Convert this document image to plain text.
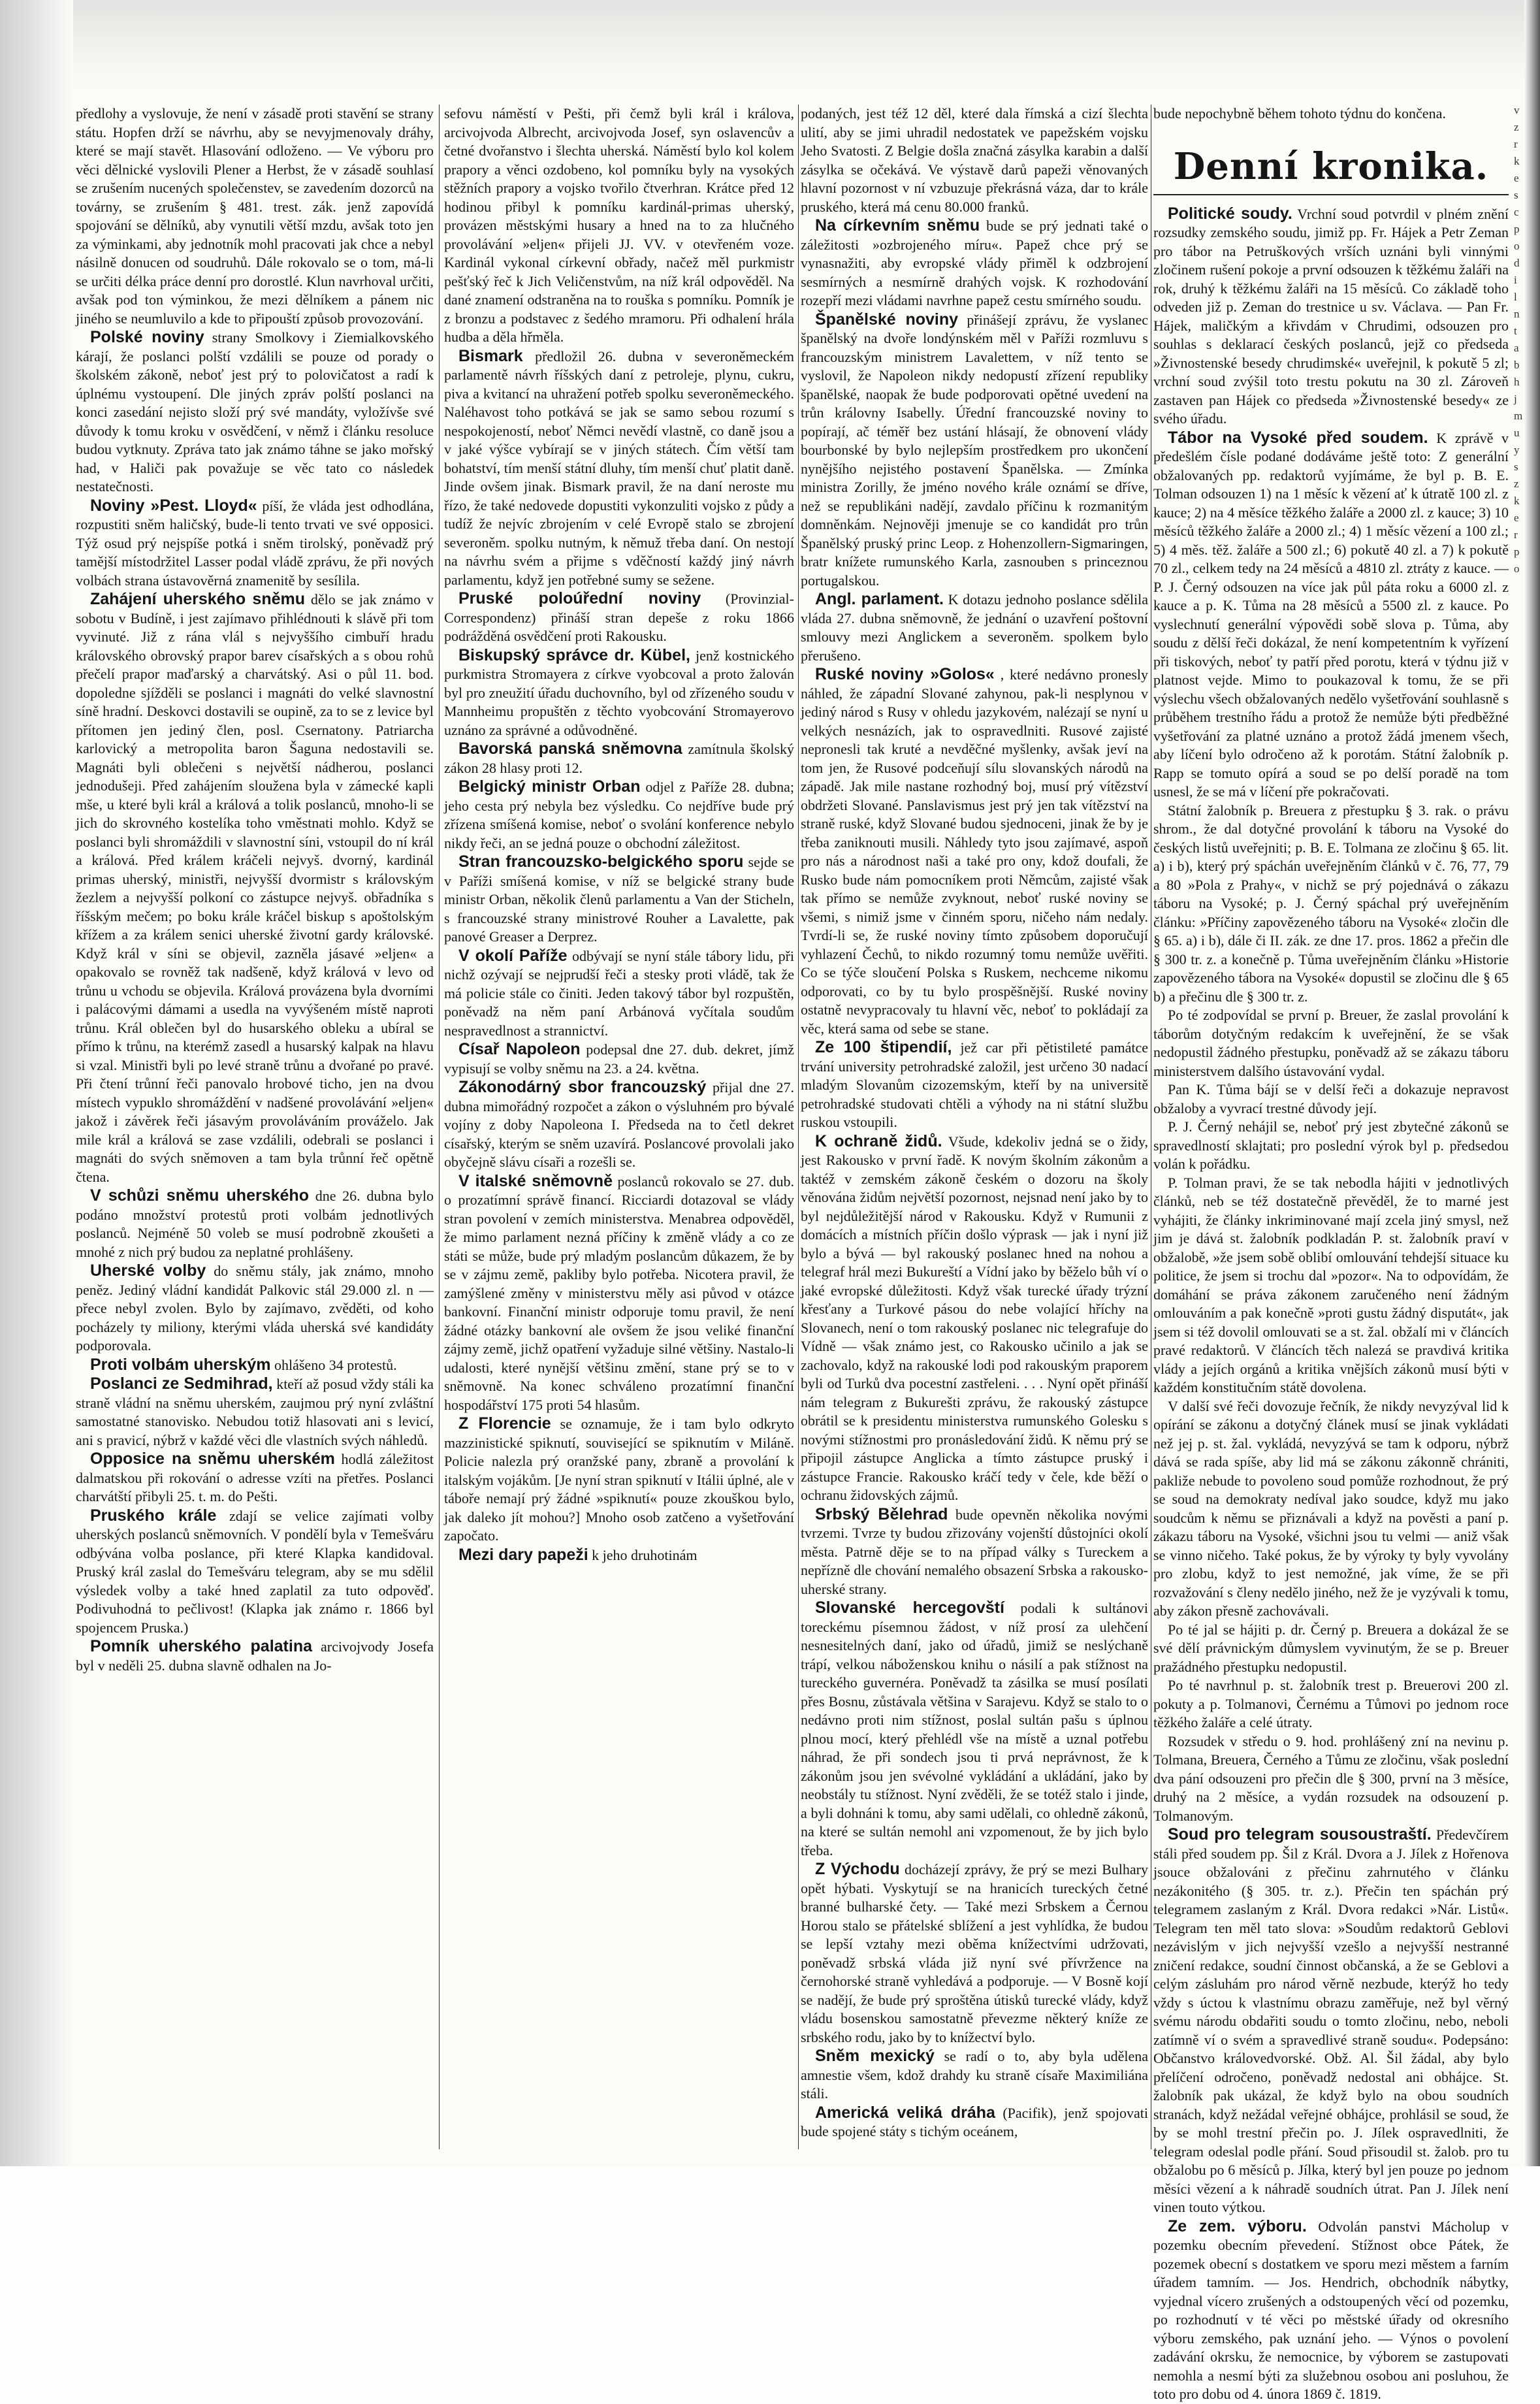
v
z
r
k
e
s
c
p
o
d
i
l
n
t
a
b
h
j
m
u
y
s
z
k
e
r
p
o

předlohy a vyslovuje, že není v zásadě proti stavění se strany státu. Hopfen drží se návrhu, aby se nevyjmenovaly dráhy, které se mají stavět. Hlasování odloženo. — Ve výboru pro věci dělnické vyslovili Plener a Herbst, že v zásadě souhlasí se zrušením nucených společenstev, se zavedením dozorců na továrny, se zrušením § 481. trest. zák. jenž zapovídá spojování se dělníků, aby vynutili větší mzdu, avšak toto jen za výminkami, aby jednotník mohl pracovati jak chce a nebyl násilně donucen od soudruhů. Dále rokovalo se o tom, má-li se určiti délka práce denní pro dorostlé. Klun navrhoval určiti, avšak pod ton výminkou, že mezi dělníkem a pánem nic jiného se neumluvilo a kde to připouští způsob provozování.

Polské noviny strany Smolkovy i Ziemialkovského kárají, že poslanci polští vzdálili se pouze od porady o školském zákoně, neboť jest prý to polovičatost a radí k úplnému vystoupení. Dle jiných zpráv polští poslanci na konci zasedání nejisto složí prý své mandáty, vyložívše své důvody k tomu kroku v osvědčení, v němž i článku resoluce budou vytknuty. Zpráva tato jak známo táhne se jako mořský had, v Haliči pak považuje se věc tato co následek nestatečnosti.

Noviny »Pest. Lloyd« píší, že vláda jest odhodlána, rozpustiti sněm haličský, bude-li tento trvati ve své opposici. Týž osud prý nejspíše potká i sněm tirolský, poněvadž prý tamější místodržitel Lasser podal vládě zprávu, že při nových volbách strana ústavověrná znamenitě by sesílila.

Zahájení uherského sněmu dělo se jak známo v sobotu v Budíně, i jest zajímavo přihlédnouti k slávě při tom vyvinuté. Již z rána vlál s nejvyššího cimbuří hradu královského obrovský prapor barev císařských a s obou rohů přečelí prapor maďarský a charvátský. Asi o půl 11. bod. dopoledne sjížděli se poslanci i magnáti do velké slavnostní síně hradní. Deskovci dostavili se oupině, za to se z levice byl přítomen jen jediný člen, posl. Csernatony. Patriarcha karlovický a metropolita baron Šaguna nedostavili se. Magnáti byli oblečeni s největší nádherou, poslanci jednodušeji. Před zahájením sloužena byla v zámecké kapli mše, u které byli král a králová a tolik poslanců, mnoho-li se jich do skrovného kostelíka toho vměstnati mohlo. Když se poslanci byli shromáždili v slavnostní síni, vstoupil do ní král a králová. Před králem kráčeli nejvyš. dvorný, kardinál primas uherský, ministři, nejvyšší dvormistr s královským žezlem a nejvyšší polkoní co zástupce nejvyš. obřadníka s říšským mečem; po boku krále kráčel biskup s apoštolským křížem a za králem senici uherské životní gardy královské. Když král v síni se objevil, zazněla jásavé »eljen« a opakovalo se rovněž tak nadšeně, když králová v levo od trůnu u vchodu se objevila. Králová provázena byla dvorními i palácovými dámami a usedla na vyvýšeném místě naproti trůnu. Král oblečen byl do husarského obleku a ubíral se přímo k trůnu, na kterémž zasedl a husarský kalpak na hlavu si vzal. Ministři byli po levé straně trůnu a dvořané po pravé. Při čtení trůnní řeči panovalo hrobové ticho, jen na dvou místech vypuklo shromáždění v nadšené provolávání »eljen« jakož i závěrek řeči jásavým provoláváním prováželo. Jak mile král a králová se zase vzdálili, odebrali se poslanci i magnáti do svých sněmoven a tam byla trůnní řeč opětně čtena.

V schůzi sněmu uherského dne 26. dubna bylo podáno množství protestů proti volbám jednotlivých poslanců. Nejméně 50 voleb se musí podrobně zkoušeti a mnohé z nich prý budou za neplatné prohlášeny.

Uherské volby do sněmu stály, jak známo, mnoho peněz. Jediný vládní kandidát Palkovic stál 29.000 zl. n — přece nebyl zvolen. Bylo by zajímavo, zvěděti, od koho pocházely ty miliony, kterými vláda uherská své kandidáty podporovala.

Proti volbám uherským ohlášeno 34 protestů.

Poslanci ze Sedmihrad, kteří až posud vždy stáli ka straně vládní na sněmu uherském, zaujmou prý nyní zvláštní samostatné stanovisko. Nebudou totiž hlasovati ani s levicí, ani s pravicí, nýbrž v každé věci dle vlastních svých náhledů.

Opposice na sněmu uherském hodlá záležitost dalmatskou při rokování o adresse vzíti na přetřes. Poslanci charvátští přibyli 25. t. m. do Pešti.

Pruského krále zdají se velice zajímati volby uherských poslanců sněmovních. V pondělí byla v Temešváru odbývána volba poslance, při které Klapka kandidoval. Pruský král zaslal do Temešváru telegram, aby se mu sdělil výsledek volby a také hned zaplatil za tuto odpověď. Podivuhodná to pečlivost! (Klapka jak známo r. 1866 byl spojencem Pruska.)

Pomník uherského palatina arcivojvody Josefa byl v neděli 25. dubna slavně odhalen na Jo-

sefovu náměstí v Pešti, při čemž byli král i králova, arcivojvoda Albrecht, arcivojvoda Josef, syn oslavencův a četné dvořanstvo i šlechta uherská. Náměstí bylo kol kolem prapory a věnci ozdobeno, kol pomníku byly na vysokých stěžních prapory a vojsko tvořilo čtverhran. Krátce před 12 hodinou přibyl k pomníku kardinál-primas uherský, provázen městskými husary a hned na to za hlučného provolávání »eljen« přijeli JJ. VV. v otevřeném voze. Kardinál vykonal církevní obřady, načež měl purkmistr pešťský řeč k Jich Veličenstvům, na níž král odpověděl. Na dané znamení odstraněna na to rouška s pomníku. Pomník je z bronzu a podstavec z šedého mramoru. Při odhalení hrála hudba a děla hřměla.

Bismark předložil 26. dubna v severoněmeckém parlamentě návrh říšských daní z petroleje, plynu, cukru, piva a kvitancí na uhražení potřeb spolku severoněmeckého. Naléhavost toho potkává se jak se samo sebou rozumí s nespokojeností, neboť Němci nevědí vlastně, co daně jsou a v jaké výšce vybírají se v jiných státech. Čím větší tam bohatství, tím menší státní dluhy, tím menší chuť platit daně. Jinde ovšem jinak. Bismark pravil, že na daní neroste mu řízo, že také nedovede dopustiti vykonzuliti vojsko z půdy a tudíž že nejvíc zbrojením v celé Evropě stalo se zbrojení severoněm. spolku nutným, k němuž třeba daní. On nestojí na návrhu svém a přijme s vděčností každý jiný návrh parlamentu, když jen potřebné sumy se sežene.

Pruské poloúřední noviny (Provinzial-Correspondenz) přináší stran depeše z roku 1866 podrážděná osvědčení proti Rakousku.

Biskupský správce dr. Kübel, jenž kostnického purkmistra Stromayera z církve vyobcoval a proto žalován byl pro zneužití úřadu duchovního, byl od zřízeného soudu v Mannheimu propuštěn z těchto vyobcování Stromayerovo uznáno za správné a odůvodněné.

Bavorská panská sněmovna zamítnula školský zákon 28 hlasy proti 12.

Belgický ministr Orban odjel z Paříže 28. dubna; jeho cesta prý nebyla bez výsledku. Co nejdříve bude prý zřízena smíšená komise, neboť o svolání konference nebylo nikdy řeči, an se jedná pouze o obchodní záležitost.

Stran francouzsko-belgického sporu sejde se v Paříži smíšená komise, v níž se belgické strany bude ministr Orban, několik členů parlamentu a Van der Sticheln, s francouzské strany ministrové Rouher a Lavalette, pak panové Greaser a Derprez.

V okolí Paříže odbývají se nyní stále tábory lidu, při nichž ozývají se nejprudší řeči a stesky proti vládě, tak že má policie stále co činiti. Jeden takový tábor byl rozpuštěn, poněvadž na něm paní Arbánová vyčítala soudům nespravedlnost a strannictví.

Císař Napoleon podepsal dne 27. dub. dekret, jímž vypisují se volby sněmu na 23. a 24. května.

Zákonodárný sbor francouzský přijal dne 27. dubna mimořádný rozpočet a zákon o výsluhném pro bývalé vojíny z doby Napoleona I. Předseda na to četl dekret císařský, kterým se sněm uzavírá. Poslancové provolali jako obyčejně slávu císaři a rozešli se.

V italské sněmovně poslanců rokovalo se 27. dub. o prozatímní správě financí. Ricciardi dotazoval se vlády stran povolení v zemích ministerstva. Menabrea odpověděl, že mimo parlament nezná příčiny k změně vlády a co ze státi se může, bude prý mladým poslancům důkazem, že by se v zájmu země, pakliby bylo potřeba. Nicotera pravil, že zamýšlené změny v ministerstvu měly asi původ v otázce bankovní. Finanční ministr odporuje tomu pravil, že není žádné otázky bankovní ale ovšem že jsou veliké finanční zájmy země, jichž opatření vyžaduje silné většiny. Nastalo-li udalosti, které nynější většinu změní, stane prý se to v sněmovně. Na konec schváleno prozatímní finanční hospodářství 175 proti 54 hlasům.

Z Florencie se oznamuje, že i tam bylo odkryto mazzinistické spiknutí, související se spiknutím v Miláně. Policie nalezla prý oranžské pany, zbraně a provolání k italským vojákům. [Je nyní stran spiknutí v Itálii úplné, ale v táboře nemají prý žádné »spiknutí« pouze zkouškou bylo, jak daleko jít mohou?] Mnoho osob zatčeno a vyšetřování započato.

Mezi dary papeži k jeho druhotinám

podaných, jest též 12 děl, které dala římská a cizí šlechta ulití, aby se jimi uhradil nedostatek ve papežském vojsku Jeho Svatosti. Z Belgie došla značná zásylka karabin a další zásylka se očekává. Ve výstavě darů papeži věnovaných hlavní pozornost v ní vzbuzuje překrásná váza, dar to krále pruského, která má cenu 80.000 franků.

Na církevním sněmu bude se prý jednati také o záležitosti »ozbrojeného míru«. Papež chce prý se vynasnažiti, aby evropské vlády přiměl k odzbrojení sesmírných a nesmírně drahých vojsk. K rozhodování rozepří mezi vládami navrhne papež cestu smírného soudu.

Španělské noviny přinášejí zprávu, že vyslanec španělský na dvoře londýnském měl v Paříži rozmluvu s francouzským ministrem Lavalettem, v níž tento se vyslovil, že Napoleon nikdy nedopustí zřízení republiky španělské, naopak že bude podporovati opětné uvedení na trůn královny Isabelly. Úřední francouzské noviny to popírají, ač téměř bez ustání hlásají, že obnovení vlády bourbonské by bylo nejlepším prostředkem pro ukončení nynějšího nejistého postavení Španělska. — Zmínka ministra Zorilly, že jméno nového krále oznámí se dříve, než se republikáni nadějí, zavdalo příčinu k rozmanitým domněnkám. Nejnověji jmenuje se co kandidát pro trůn Španělský pruský princ Leop. z Hohenzollern-Sigmaringen, bratr knížete rumunského Karla, zasnouben s princeznou portugalskou.

Angl. parlament. K dotazu jednoho poslance sdělila vláda 27. dubna sněmovně, že jednání o uzavření poštovní smlouvy mezi Anglickem a severoněm. spolkem bylo přerušeno.

Ruské noviny »Golos« , které nedávno pronesly náhled, že západní Slované zahynou, pak-li nesplynou v jediný národ s Rusy v ohledu jazykovém, nalézají se nyní u velkých nesnázích, jak to ospravedlniti. Rusové zajisté nepronesli tak kruté a nevděčné myšlenky, avšak jeví na tom jen, že Rusové podceňují sílu slovanských národů na západě. Jak mile nastane rozhodný boj, musí prý vítězství obdržeti Slované. Panslavismus jest prý jen tak vítězství na straně ruské, když Slované budou sjednoceni, jinak že by je třeba zaniknouti musili. Náhledy tyto jsou zajímavé, aspoň pro nás a národnost naši a také pro ony, kdož doufali, že Rusko bude nám pomocníkem proti Němcům, zajisté však tak přímo se nemůže zvyknout, neboť ruské noviny se všemi, s nimiž jsme v činném sporu, ničeho nám nedaly. Tvrdí-li se, že ruské noviny tímto způsobem doporučují vyhlazení Čechů, to nikdo rozumný tomu nemůže uvěřiti. Co se týče sloučení Polska s Ruskem, nechceme nikomu odporovati, co by tu bylo prospěšnější. Ruské noviny ostatně nevypracovaly tu hlavní věc, neboť to pokládají za věc, která sama od sebe se stane.

Ze 100 štipendií, jež car při pětistileté památce trvání university petrohradské založil, jest určeno 30 nadací mladým Slovanům cizozemským, kteří by na universitě petrohradské studovati chtěli a výhody na ni státní službu ruskou vstoupili.

K ochraně židů. Všude, kdekoliv jedná se o židy, jest Rakousko v první řadě. K novým školním zákonům a taktéž v zemském zákoně českém o dozoru na školy věnována židům největší pozornost, nejsnad není jako by to byl nejdůležitější národ v Rakousku. Když v Rumunii z domácích a místních příčin došlo výprask — jak i nyní již bylo a bývá — byl rakouský poslanec hned na nohou a telegraf hrál mezi Bukureští a Vídní jako by běželo bůh ví o jaké evropské důležitosti. Když však turecké úřady trýzní křesťany a Turkové pásou do nebe volající hříchy na Slovanech, není o tom rakouský poslanec nic telegrafuje do Vídně — však známo jest, co Rakousko učinilo a jak se zachovalo, když na rakouské lodi pod rakouským praporem byli od Turků dva pocestní zastřeleni. . . . Nyní opět přináší nám telegram z Bukurešti zprávu, že rakouský zástupce obrátil se k presidentu ministerstva rumunského Golesku s novými stížnostmi pro pronásledování židů. K němu prý se připojil zástupce Anglicka a tímto zástupce pruský i zástupce Francie. Rakousko kráčí tedy v čele, kde běží o ochranu židovských zájmů.

Srbský Bělehrad bude opevněn několika novými tvrzemi. Tvrze ty budou zřizovány vojenští důstojníci okolí města. Patrně děje se to na případ války s Tureckem a nepřízně dle chování nemalého obsazení Srbska a rakousko-uherské strany.

Slovanské hercegovští podali k sultánovi toreckému písemnou žádost, v níž prosí za ulehčení nesnesitelných daní, jako od úřadů, jimiž se neslýchaně trápí, velkou náboženskou knihu o násilí a pak stížnost na tureckého guvernéra. Poněvadž ta zásilka se musí posílati přes Bosnu, zůstávala většina v Sarajevu. Když se stalo to o nedávno proti nim stížnost, poslal sultán pašu s úplnou plnou mocí, který přehlédl vše na místě a uznal potřebu náhrad, že při sondech jsou ti prvá neprávnost, že k zákonům jsou jen svévolné vykládání a ukládání, jako by neobstály tu stížnost. Nyní zvěděli, že se totéž stalo i jinde, a byli dohnáni k tomu, aby sami udělali, co ohledně zákonů, na které se sultán nemohl ani vzpomenout, že by jich bylo třeba.

Z Východu docházejí zprávy, že prý se mezi Bulhary opět hýbati. Vyskytují se na hranicích tureckých četné branné bulharské čety. — Také mezi Srbskem a Černou Horou stalo se přátelské sblížení a jest vyhlídka, že budou se lepší vztahy mezi oběma knížectvími udržovati, poněvadž srbská vláda již nyní své přívržence na černohorské straně vyhledává a podporuje. — V Bosně kojí se nadějí, že bude prý sproštěna útisků turecké vlády, když vládu bosenskou samostatně převezme některý kníže ze srbského rodu, jako by to knížectví bylo.

Sněm mexický se radí o to, aby byla udělena amnestie všem, kdož drahdy ku straně císaře Maximiliána stáli.

Americká veliká dráha (Pacifik), jenž spojovati bude spojené státy s tichým oceánem,

bude nepochybně během tohoto týdnu do končena.

Denní kronika.

Politické soudy. Vrchní soud potvrdil v plném znění rozsudky zemského soudu, jimiž pp. Fr. Hájek a Petr Zeman pro tábor na Petruškových vrších uznáni byli vinnými zločinem rušení pokoje a první odsouzen k těžkému žaláři na rok, druhý k těžkému žaláři na 15 měsíců. Co základě toho odveden již p. Zeman do trestnice u sv. Václava. — Pan Fr. Hájek, maličkým a křivdám v Chrudimi, odsouzen pro souhlas s deklarací českých poslanců, jejž co předseda »Živnostenské besedy chrudimské« uveřejnil, k pokutě 5 zl; vrchní soud zvýšil toto trestu pokutu na 30 zl. Zároveň zastaven pan Hájek co předseda »Živnostenské besedy« ze svého úřadu.

Tábor na Vysoké před soudem. K zprávě v předešlém čísle podané dodáváme ještě toto: Z generální obžalovaných pp. redaktorů vyjímáme, že byl p. B. E. Tolman odsouzen 1) na 1 měsíc k vězení ať k útratě 100 zl. z kauce; 2) na 4 měsíce těžkého žaláře a 2000 zl. z kauce; 3) 10 měsíců těžkého žaláře a 2000 zl.; 4) 1 měsíc vězení a 100 zl.; 5) 4 měs. těž. žaláře a 500 zl.; 6) pokutě 40 zl. a 7) k pokutě 70 zl., celkem tedy na 24 měsíců a 4810 zl. ztráty z kauce. — P. J. Černý odsouzen na více jak půl páta roku a 6000 zl. z kauce a p. K. Tůma na 28 měsíců a 5500 zl. z kauce. Po vyslechnutí generální výpovědi sobě slova p. Tůma, aby soudu z dělší řeči dokázal, že není kompetentním k vyřízení při tiskových, neboť ty patří před porotu, která v týdnu již v platnost vejde. Mimo to poukazoval k tomu, že se při výslechu všech obžalovaných nedělo vyšetřování souhlasně s průběhem trestního řádu a protož že nemůže býti předběžné vyšetřování za platné uznáno a protož žádá jmenem všech, aby líčení bylo odročeno až k porotám. Státní žalobník p. Rapp se tomuto opírá a soud se po delší poradě na tom usnesl, že se má v líčení pře pokračovati.

Státní žalobník p. Breuera z přestupku § 3. rak. o právu shrom., že dal dotyčné provolání k táboru na Vysoké do českých listů uveřejniti; p. B. E. Tolmana ze zločinu § 65. lit. a) i b), který prý spáchán uveřejněním článků v č. 76, 77, 79 a 80 »Pola z Prahy«, v nichž se prý pojednává o zákazu táboru na Vysoké; p. J. Černý spáchal prý uveřejněním článku: »Příčiny zapovězeného táboru na Vysoké« zločin dle § 65. a) i b), dále či II. zák. ze dne 17. pros. 1862 a přečin dle § 300 tr. z. a konečně p. Tůma uveřejněním článku »Historie zapovězeného tábora na Vysoké« dopustil se zločinu dle § 65 b) a přečinu dle § 300 tr. z.

Po té zodpovídal se první p. Breuer, že zaslal provolání k táborům dotyčným redakcím k uveřejnění, že se však nedopustil žádného přestupku, poněvadž až se zákazu táboru ministerstvem dalšího ústavování vydal.

Pan K. Tůma bájí se v delší řeči a dokazuje nepravost obžaloby a vyvrací trestné důvody její.

P. J. Černý nehájil se, neboť prý jest zbytečné zákonů se spravedlností sklajtati; pro poslední výrok byl p. předsedou volán k pořádku.

P. Tolman pravi, že se tak nebodla hájiti v jednotlivých článků, neb se též dostatečně převěděl, že to marné jest vyhájiti, že články inkriminované mají zcela jiný smysl, než jim je dává st. žalobník podkladán P. st. žalobník praví v obžalobě, »že jsem sobě oblibí omlouvání tehdejší situace ku politice, že jsem si trochu dal »pozor«. Na to odpovídám, že domáhání se práva zákonem zaručeného není žádným omlouváním a pak konečně »proti gustu žádný disputát«, jak jsem si též dovolil omlouvati se a st. žal. obžalí mi v článcích pravé redaktorů. V článcích těch nalezá se pravdivá kritika vlády a jejích orgánů a kritika vnějších zákonů musí býti v každém konstitučním státě dovolena.

V další své řeči dovozuje řečník, že nikdy nevyzýval lid k opírání se zákonu a dotyčný článek musí se jinak vykládati než jej p. st. žal. vykládá, nevyzývá se tam k odporu, nýbrž dává se rada spíše, aby lid má se zákonu zákonně chrániti, pakliže nebude to povoleno soud pomůže rozhodnout, že prý se soud na demokraty nedíval jako soudce, když mu jako soudcům k němu se přiznávali a když na pověsti a paní p. zákazu táboru na Vysoké, všichni jsou tu velmi — aniž však se vinno ničeho. Také pokus, že by výroky ty byly vyvolány pro zlobu, když to jest nemožné, jak víme, že se při rozvažování s členy nedělo jiného, než že je vyzývali k tomu, aby zákon přesně zachovávali.

Po té jal se hájiti p. dr. Černý p. Breuera a dokázal že se své dělí právnickým důmyslem vyvinutým, že se p. Breuer pražádného přestupku nedopustil.

Po té navrhnul p. st. žalobník trest p. Breuerovi 200 zl. pokuty a p. Tolmanovi, Černému a Tůmovi po jednom roce těžkého žaláře a celé útraty.

Rozsudek v středu o 9. hod. prohlášený zní na nevinu p. Tolmana, Breuera, Černého a Tůmu ze zločinu, však poslední dva pání odsouzeni pro přečin dle § 300, první na 3 měsíce, druhý na 2 měsíce, a vydán rozsudek na odsouzení p. Tolmanovým.

Soud pro telegram sousoustraští. Předevčírem stáli před soudem pp. Šil z Král. Dvora a J. Jílek z Hořenova jsouce obžalováni z přečinu zahrnutého v článku nezákonitého (§ 305. tr. z.). Přečin ten spáchán prý telegramem zaslaným z Král. Dvora redakci »Nár. Listů«. Telegram ten měl tato slova: »Soudům redaktorů Geblovi nezávislým v jich nejvyšší vzešlo a nejvyšší nestranné zničení redakce, soudní činnost občanská, a že se Geblovi a celým zásluhám pro národ věrně nezbude, kterýž ho tedy vždy s úctou k vlastnímu obrazu zaměřuje, než byl věrný svému národu obdařiti soudu o tomto zločinu, nebo, neboli zatímně ví o svém a spravedlivé straně soudu«. Podepsáno: Občanstvo královedvorské. Obž. Al. Šil žádal, aby bylo přelíčení odročeno, poněvadž nedostal ani obhájce. St. žalobník pak ukázal, že když bylo na obou soudních stranách, když nežádal veřejné obhájce, prohlásil se soud, že by se mohl trestní přečin po. J. Jílek ospravedlniti, že telegram odeslal podle přání. Soud přisoudil st. žalob. pro tu obžalobu po 6 měsíců p. Jílka, který byl jen pouze po jednom měsíci vězení a k náhradě soudních útrat. Pan J. Jílek není vinen touto výtkou.

Ze zem. výboru. Odvolán panstvi Mácholup v pozemku obecním převedení. Stížnost obce Pátek, že pozemek obecní s dostatkem ve sporu mezi městem a farním úřadem tamním. — Jos. Hendrich, obchodník nábytky, vyjednal vícero zrušených a odstoupených věcí od pozemku, po rozhodnutí v té věci po městské úřady od okresního výboru zemského, pak uznání jeho. — Výnos o povolení zadávání okrsku, že nemocnice, by výborem se zastupovati nemohla a nesmí býti za služebnou osobou ani posluhou, že toto pro dobu od 4. února 1869 č. 1819.
